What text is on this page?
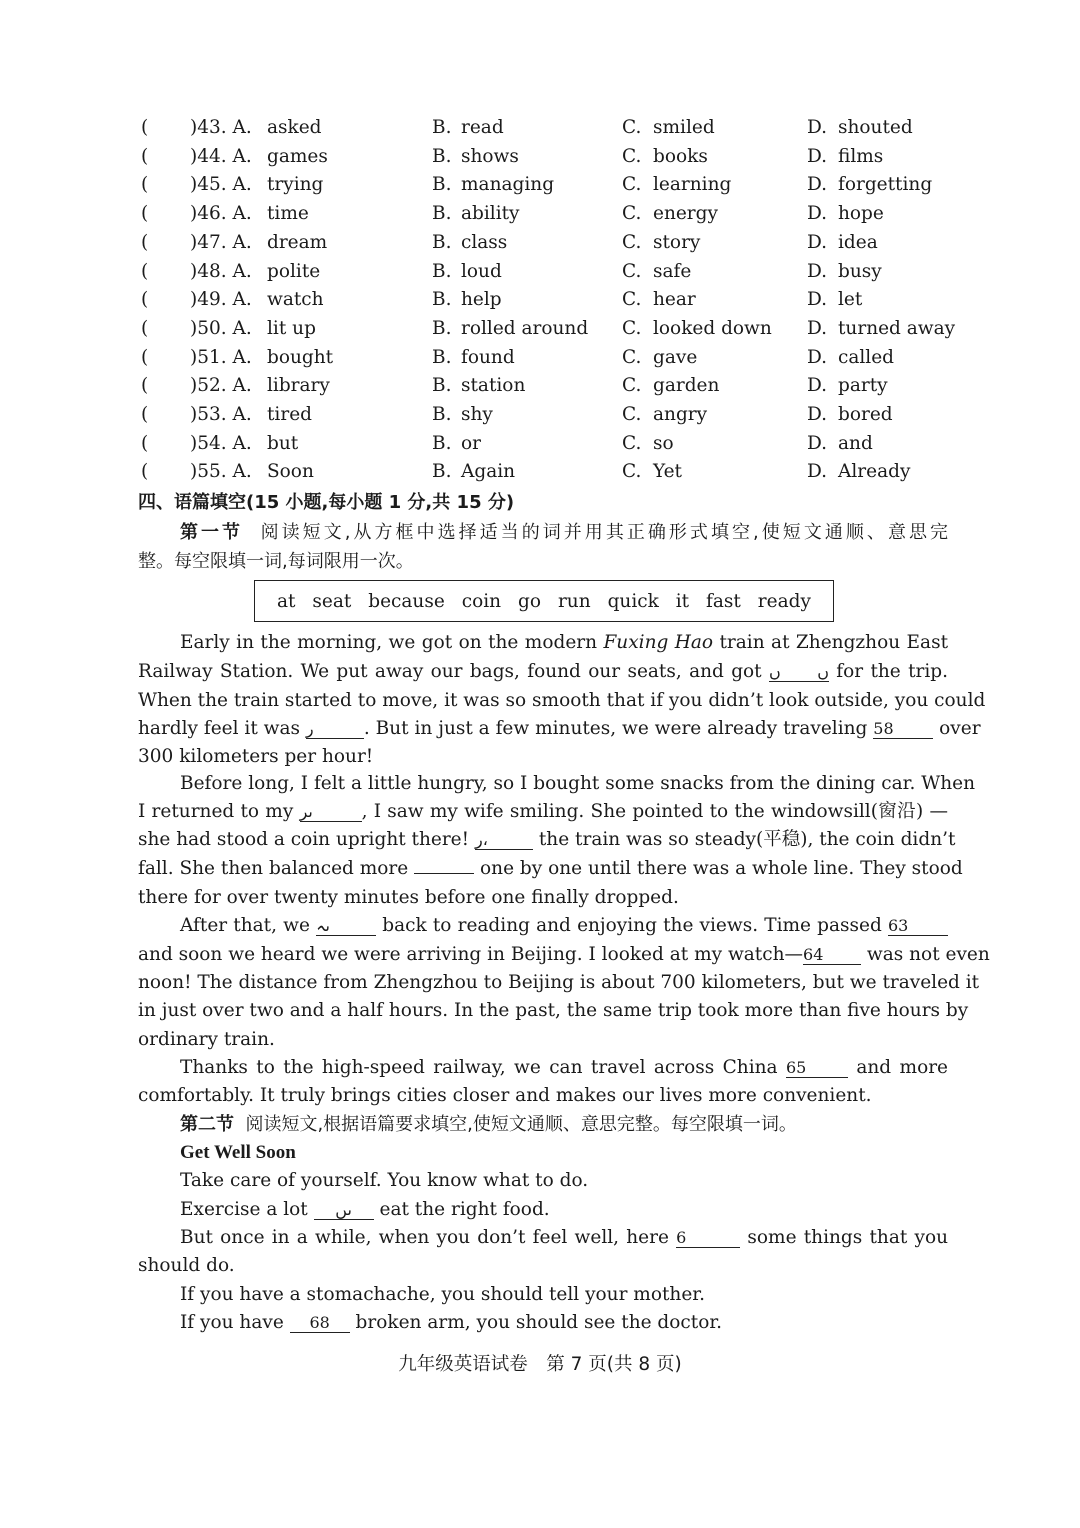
( )43. A. asked	B. read	C. smiled	D. shouted
( )44. A. games	B. shows	C. books	D. films
( )45. A. trying	B. managing	C. learning	D. forgetting
( )46. A. time	B. ability	C. energy	D. hope
( )47. A. dream	B. class	C. story	D. idea
( )48. A. polite	B. loud	C. safe	D. busy
( )49. A. watch	B. help	C. hear	D. let
( )50. A. lit up	B. rolled around C. looked down D. turned away
( )51. A. bought	B. found	C. gave	D. called
( )52. A. library	B. station	C. garden	D. party
( )53. A. tired	B. shy	C. angry	D. bored
( )54. A. but	B. or	C. so	D. and
( )55. A. Soon	B. Again	C. Yet	D. Already
四、语篇填空(15 小题,每小题 1 分,共 15 分)
第一节 阅读短文,从方框中选择适当的词并用其正确形式填空,使短文通顺、意思完
整。每空限填一词,每词限用一次。
at seat because coin go run quick it fast ready
Early in the morning, we got on the modern Fuxing Hao train at Zhengzhou East
Railway Station. We put away our bags, found our seats, and got ں ں for the trip.
When the train started to move, it was so smooth that if you didn’t look outside, you could
hardly feel it was ر	. But in just a few minutes, we were already traveling 58 over
300 kilometers per hour!
Before long, I felt a little hungry, so I bought some snacks from the dining car. When
I returned to my ںر	, I saw my wife smiling. She pointed to the windowsill(窗沿) —
she had stood a coin upright there! ر،	the train was so steady(平稳), the coin didn’t
fall. She then balanced more	one by one until there was a whole line. They stood
there for over twenty minutes before one finally dropped.
After that, we ںہ	back to reading and enjoying the views. Time passed 63
and soon we heard we were arriving in Beijing. I looked at my watch—64 was not even
noon! The distance from Zhengzhou to Beijing is about 700 kilometers, but we traveled it
in just over two and a half hours. In the past, the same trip took more than five hours by
ordinary train.
Thanks to the high-speed railway, we can travel across China 65	and more
comfortably. It truly brings cities closer and makes our lives more convenient.
第二节 阅读短文,根据语篇要求填空,使短文通顺、意思完整。每空限填一词。
Get Well Soon
Take care of yourself. You know what to do.
Exercise a lot ںں eat the right food.
But once in a while, when you don’t feel well, here 6	some things that you
should do.
If you have a stomachache, you should tell your mother.
If you have 68 broken arm, you should see the doctor.
九年级英语试卷　第 7 页(共 8 页)
